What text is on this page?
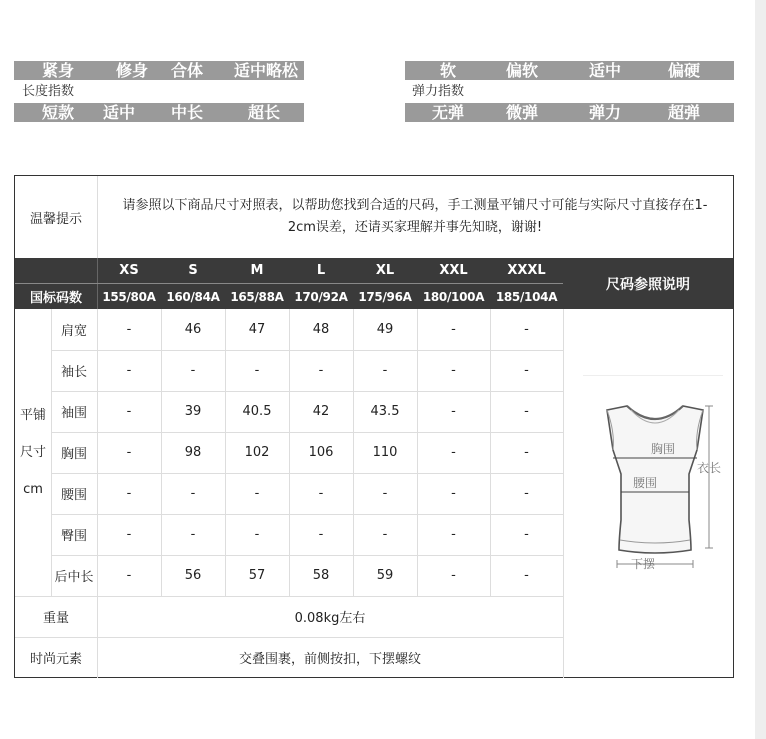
紧身	修身	合体	适中略松
长度指数
短款	适中	中长	超长
软	偏软	适中	偏硬
弹力指数
无弹	微弹	弹力	超弹
温馨提示
请参照以下商品尺寸对照表，以帮助您找到合适的尺码，手工测量平铺尺寸可能与实际尺寸直接存在1-
2cm误差，还请买家理解并事先知晓，谢谢!
XS	S	M	L	XL	XXL	XXXL
国标码数	155/80A 160/84A 165/88A 170/92A 175/96A 180/100A 185/104A
尺码参照说明
平铺
尺寸
cm
肩宽	-	46	47	48	49	-	-
袖长	-	-	-	-	-	-	-
袖围	-	39	40.5	42	43.5	-	-
胸围	-	98	102	106	110	-	-
腰围	-	-	-	-	-	-	-
臀围	-	-	-	-	-	-	-
后中长	-	56	57	58	59	-	-
重量	0.08kg左右
时尚元素	交叠围裹，前侧按扣，下摆螺纹
胸围
腰围
衣长
下摆
